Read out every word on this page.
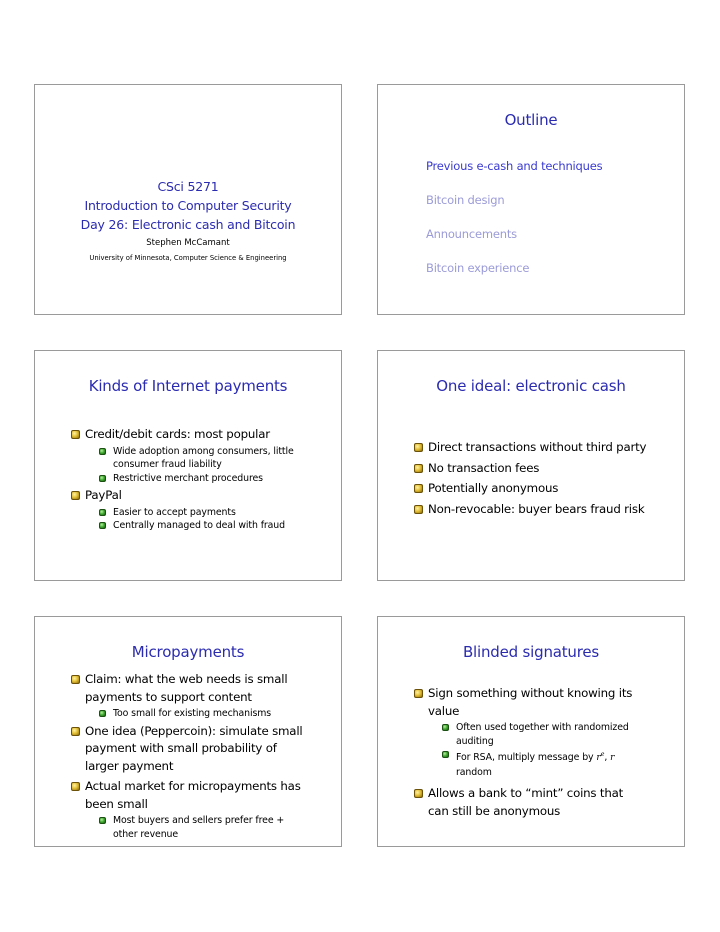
CSci 5271
Introduction to Computer Security
Day 26: Electronic cash and Bitcoin
Stephen McCamant
University of Minnesota, Computer Science & Engineering
Outline
Previous e-cash and techniques
Bitcoin design
Announcements
Bitcoin experience
Kinds of Internet payments
Credit/debit cards: most popular
Wide adoption among consumers, little consumer fraud liability
Restrictive merchant procedures
PayPal
Easier to accept payments
Centrally managed to deal with fraud
One ideal: electronic cash
Direct transactions without third party
No transaction fees
Potentially anonymous
Non-revocable: buyer bears fraud risk
Micropayments
Claim: what the web needs is small payments to support content
Too small for existing mechanisms
One idea (Peppercoin): simulate small payment with small probability of larger payment
Actual market for micropayments has been small
Most buyers and sellers prefer free + other revenue
Blinded signatures
Sign something without knowing its value
Often used together with randomized auditing
For RSA, multiply message by $r^e$, r random
Allows a bank to “mint” coins that can still be anonymous
